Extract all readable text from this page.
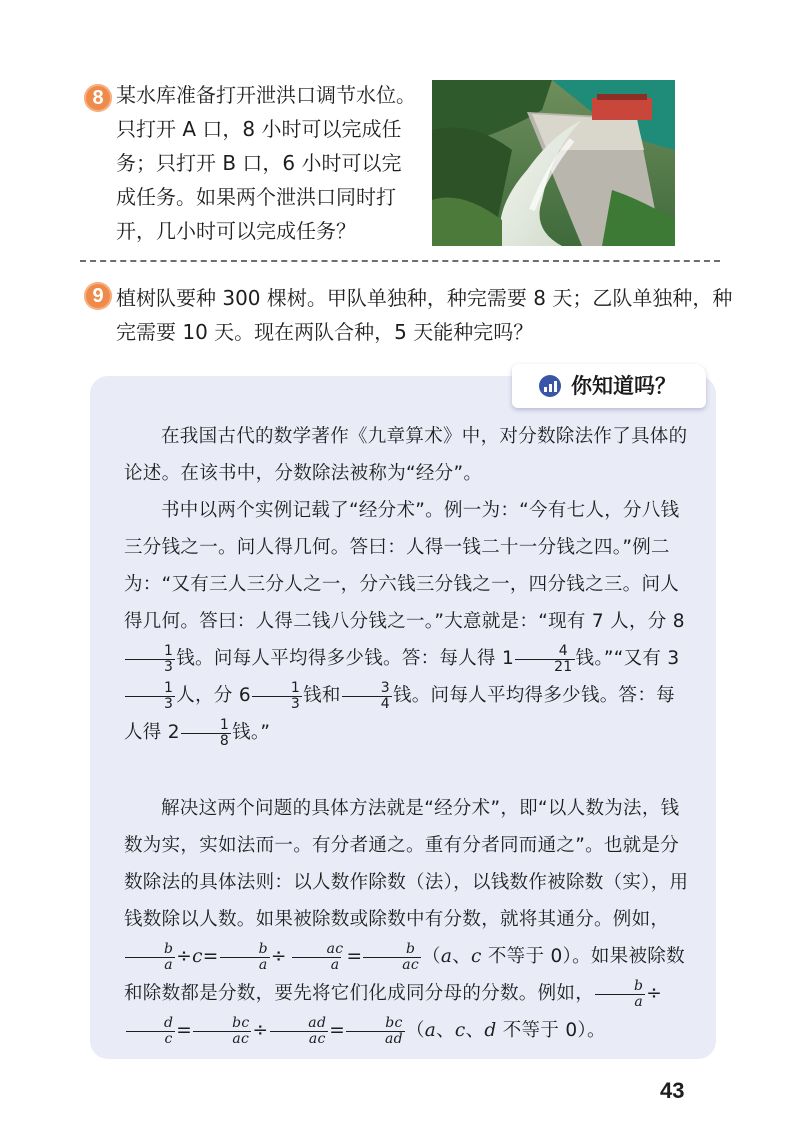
8 某水库准备打开泄洪口调节水位。只打开 A 口，8 小时可以完成任务；只打开 B 口，6 小时可以完成任务。如果两个泄洪口同时打开，几小时可以完成任务？
9 植树队要种 300 棵树。甲队单独种，种完需要 8 天；乙队单独种，种完需要 10 天。现在两队合种，5 天能种完吗？
你知道吗？
在我国古代的数学著作《九章算术》中，对分数除法作了具体的论述。在该书中，分数除法被称为“经分”。
书中以两个实例记载了“经分术”。例一为：“今有七人，分八钱三分钱之一。问人得几何。答曰：人得一钱二十一分钱之四。”例二为：“又有三人三分人之一，分六钱三分钱之一，四分钱之三。问人得几何。答曰：人得二钱八分钱之一。”大意就是：“现有 7 人，分 8
$\frac{1}{3}$ 钱。问每人平均得多少钱。答：每人得 $1 \frac{4}{21}$ 钱。”“又有 3
$\frac{1}{3}$ 人，分 $6 \frac{1}{3}$ 钱和 $\frac{3}{4}$ 钱。问每人平均得多少钱。答：每人得 $2 \frac{1}{8}$ 钱。”
解决这两个问题的具体方法就是“经分术”，即“以人数为法，钱数为实，实如法而一。有分者通之。重有分者同而通之”。也就是分数除法的具体法则：以人数作除数（法），以钱数作被除数（实），用钱数除以人数。如果被除数或除数中有分数，就将其通分。例如，
$\frac{b}{a} \div c= \frac{b}{a} \div \frac{ac}{a} = \frac{b}{ac} (a$、c 不等于 0）。如果被除数和除数都是分数，要先将它们化成同分母的分数。例如， $\frac{b}{a}$ ÷
$\frac{d}{c} = \frac{bc}{ac} \div \frac{ad}{ac} = \frac{bc}{ad} (a$、c、d 不等于 0）。
43
